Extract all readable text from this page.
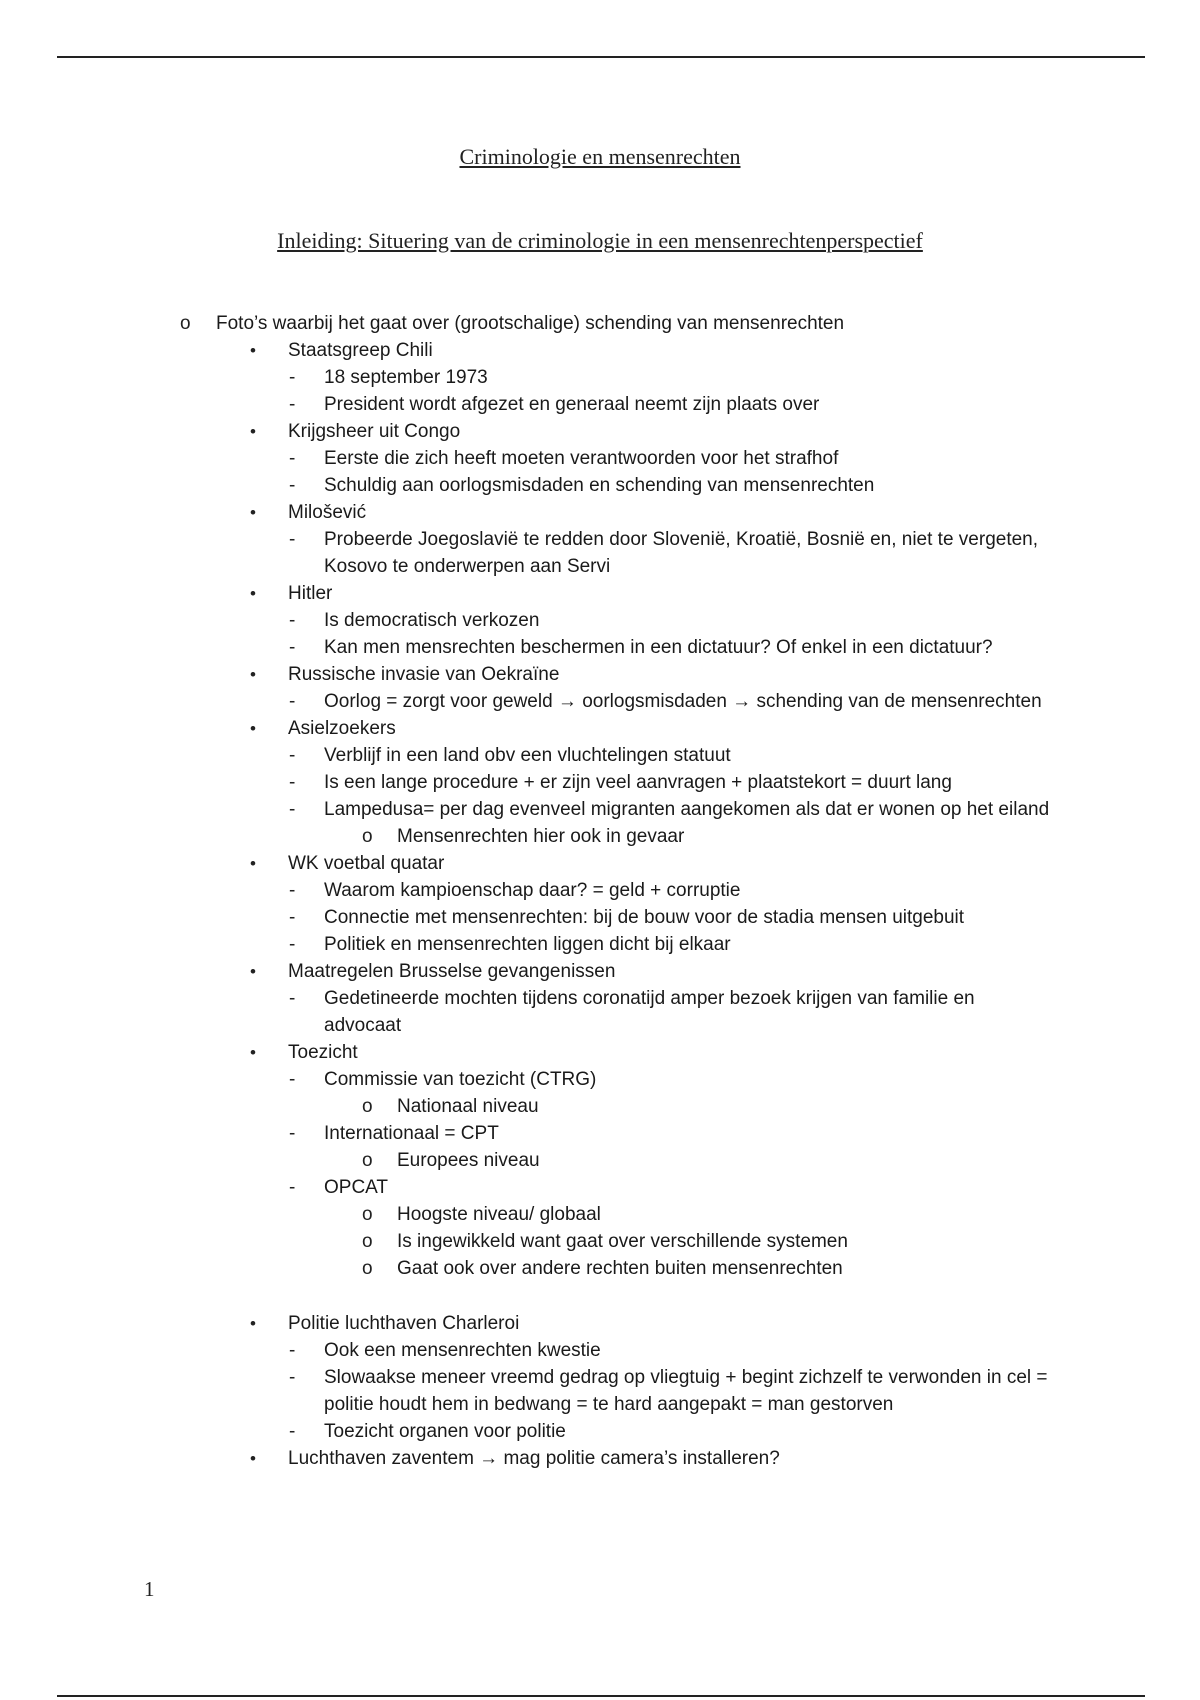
Criminologie en mensenrechten
Inleiding: Situering van de criminologie in een mensenrechtenperspectief
o Foto’s waarbij het gaat over (grootschalige) schending van mensenrechten
• Staatsgreep Chili
- 18 september 1973
- President wordt afgezet en generaal neemt zijn plaats over
• Krijgsheer uit Congo
- Eerste die zich heeft moeten verantwoorden voor het strafhof
- Schuldig aan oorlogsmisdaden en schending van mensenrechten
• Milošević
- Probeerde Joegoslavië te redden door Slovenië, Kroatië, Bosnië en, niet te vergeten, Kosovo te onderwerpen aan Servi
• Hitler
- Is democratisch verkozen
- Kan men mensrechten beschermen in een dictatuur? Of enkel in een dictatuur?
• Russische invasie van Oekraïne
- Oorlog = zorgt voor geweld → oorlogsmisdaden → schending van de mensenrechten
• Asielzoekers
- Verblijf in een land obv een vluchtelingen statuut
- Is een lange procedure + er zijn veel aanvragen + plaatstekort = duurt lang
- Lampedusa= per dag evenveel migranten aangekomen als dat er wonen op het eiland
o Mensenrechten hier ook in gevaar
• WK voetbal quatar
- Waarom kampioenschap daar? = geld + corruptie
- Connectie met mensenrechten: bij de bouw voor de stadia mensen uitgebuit
- Politiek en mensenrechten liggen dicht bij elkaar
• Maatregelen Brusselse gevangenissen
- Gedetineerde mochten tijdens coronatijd amper bezoek krijgen van familie en advocaat
• Toezicht
- Commissie van toezicht (CTRG)
o Nationaal niveau
- Internationaal = CPT
o Europees niveau
- OPCAT
o Hoogste niveau/ globaal
o Is ingewikkeld want gaat over verschillende systemen
o Gaat ook over andere rechten buiten mensenrechten
• Politie luchthaven Charleroi
- Ook een mensenrechten kwestie
- Slowaakse meneer vreemd gedrag op vliegtuig + begint zichzelf te verwonden in cel = politie houdt hem in bedwang = te hard aangepakt = man gestorven
- Toezicht organen voor politie
• Luchthaven zaventem → mag politie camera’s installeren?
1
